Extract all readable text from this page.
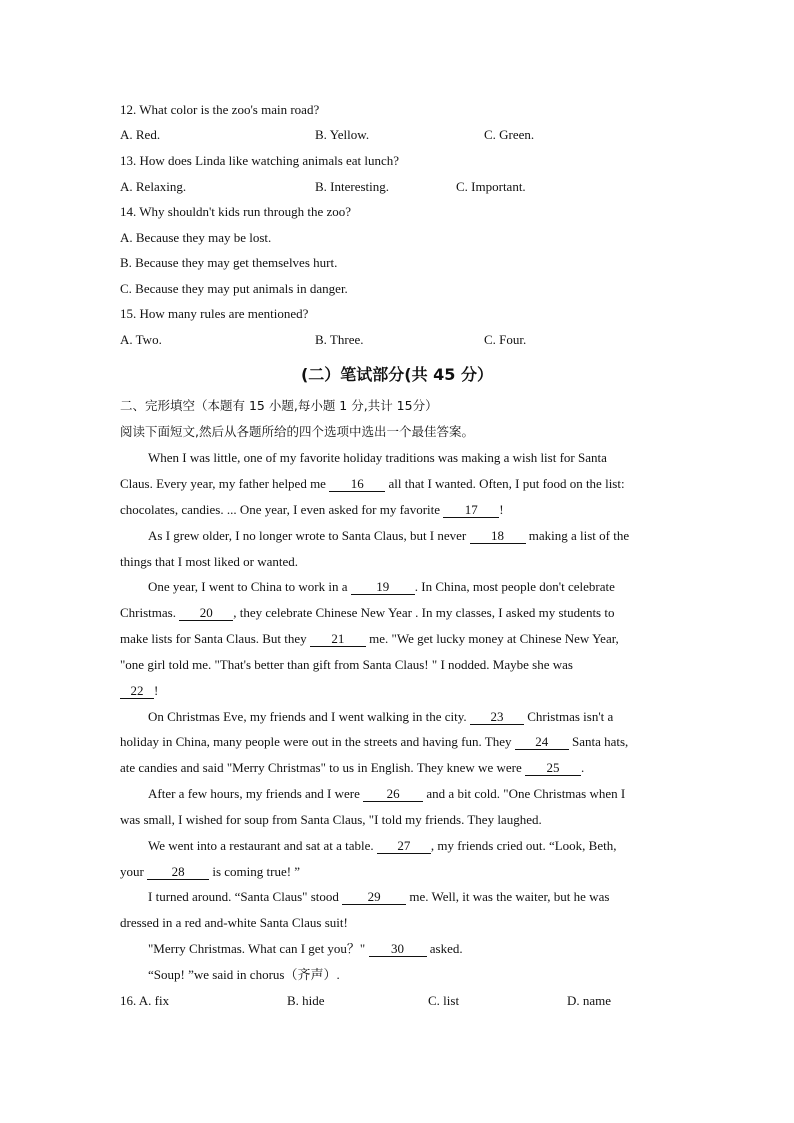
12. What color is the zoo's main road?
A. Red.	B. Yellow.	C. Green.
13. How does Linda like watching animals eat lunch?
A. Relaxing.	B. Interesting.	C. Important.
14. Why shouldn't kids run through the zoo?
A. Because they may be lost.
B. Because they may get themselves hurt.
C. Because they may put animals in danger.
15. How many rules are mentioned?
A. Two.	B. Three.	C. Four.
(二）笔试部分(共 45 分）
二、完形填空（本题有 15 小题,每小题 1 分,共计 15分）
阅读下面短文,然后从各题所给的四个选项中选出一个最佳答案。
When I was little, one of my favorite holiday traditions was making a wish list for Santa
Claus. Every year, my father helped me 16 all that I wanted. Often, I put food on the list:
chocolates, candies. ... One year, I even asked for my favorite 17 !
As I grew older, I no longer wrote to Santa Claus, but I never 18 making a list of the
things that I most liked or wanted.
One year, I went to China to work in a 19 . In China, most people don't celebrate
Christmas. 20 , they celebrate Chinese New Year . In my classes, I asked my students to
make lists for Santa Claus. But they 21 me. "We get lucky money at Chinese New Year,
"one girl told me. "That's better than gift from Santa Claus! " I nodded. Maybe she was
22 !
On Christmas Eve, my friends and I went walking in the city. 23 Christmas isn't a
holiday in China, many people were out in the streets and having fun. They 24 Santa hats,
ate candies and said "Merry Christmas" to us in English. They knew we were 25 .
After a few hours, my friends and I were 26 and a bit cold. "One Christmas when I
was small, I wished for soup from Santa Claus, "I told my friends. They laughed.
We went into a restaurant and sat at a table. 27 , my friends cried out. “Look, Beth,
your 28 is coming true! ”
I turned around. “Santa Claus" stood 29 me. Well, it was the waiter, but he was
dressed in a red and-white Santa Claus suit!
"Merry Christmas. What can I get you？" 30 asked.
“Soup! ”we said in chorus（齐声）.
16. A. fix	B. hide	C. list	D. name
